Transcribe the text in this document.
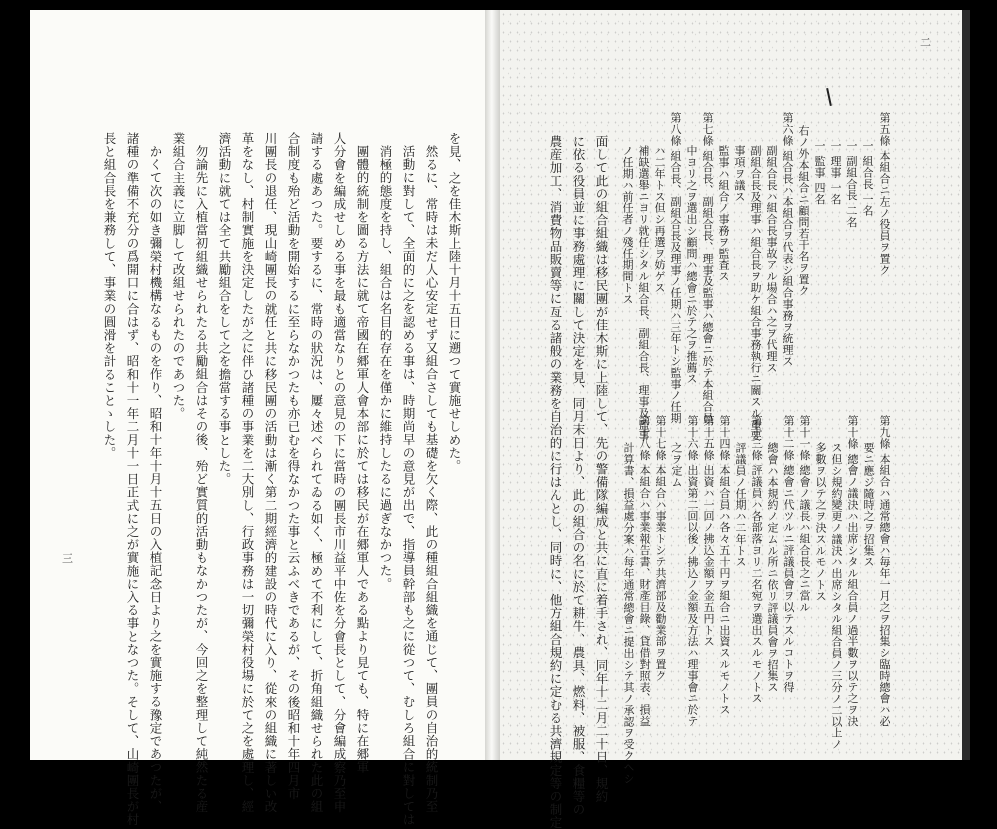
を見、之を佳木斯上陸十月十五日に遡つて實施せしめた。
然るに、常時は未だ人心安定せず又組合さしても基礎を欠く際、此の種組合組織を通じて、團員の自治的統制乃至
活動に對して、全面的に之を認める事は、時期尚早の意見が出で、指導員幹部も之に從つて、むしろ組合に對しては
消極的態度を持し、組合は名目的存在を僅かに維持したるに過ぎなかつた。
團體的統制を圖る方法に就て帝國在郷軍人會本部に於ては移民が在郷軍人である點より見ても、特に在郷軍
人分會を編成せしめる事を最も適當なりとの意見の下に當時の團長市川益平中佐を分會長として、分會編成察乃至申
請する處あつた。要するに、常時の狀況は、屢々述べられてゐる如く、極めて不利にして、折角組織せられた此の組
合制度も殆ど活動を開始するに至らなかつたも亦已むを得なかつた事と云ふべきであるが、その後昭和十年四月市
川團長の退任、現山崎團長の就任と共に移民團の活動は漸く第二期經濟的建設の時代に入り、從來の組織に著しい改
革をなし、村制實施を決定したが之に伴ひ諸種の事業を二大別し、行政事務は一切彌榮村役場に於て之を處理し、經
濟活動に就ては全て共勵組合をして之を擔當する事とした。
勿論先に入植當初組織せられたる共勵組合はその後、殆ど實質的活動もなかつたが、今回之を整理して純然たる産
業組合主義に立脚して改組せられたのであつた。
かくて次の如き彌榮村機構なるものを作り、昭和十年十月十五日の入植記念日より之を實施する豫定であつたが、
諸種の準備不充分の爲開口に合はず、昭和十一年二月十一日正式に之が實施に入る事となつた。そして、山崎團長が村
長と組合長を兼務して、事業の圓滑を計ることゝした。
三
第五條 本組合ニ左ノ役員ヲ置ク
一 組合長 一名
一 副組合長 二名
一 理事 一名
一 監事 四名
右ノ外本組合ニ顧問若干名ヲ置ク
第六條 組合長ハ本組合ヲ代表シ組合事務ヲ統理ス
副組合長ハ組合長事故アル場合ハ之ヲ代理ス
副組合長及理事ハ組合長ヲ助ケ組合事務執行ニ關スル重要
事項ヲ議ス
監事ハ組合ノ事務ヲ監査ス
第七條 組合長、副組合長、理事及監事ハ總會ニ於テ本組合員
中ヨリ之ヲ選出シ顧問ハ總會ニ於テ之ヲ推薦ス
第八條 組合長、副組合長及理事ノ任期ハ三年トシ監事ノ任期
ハ二年トス但シ再選ヲ妨ゲス
補缺選舉ニヨリ就任シタル組合長、副組合長、理事及監事
ノ任期ハ前任者ノ殘任期間トス
面して此の組合組織は移民團が佳木斯に上陸して、先の警備隊編成と共に直に着手され、同年十二月二十日、規約
に依る役員並に事務處理に關して決定を見、同月末日より、此の組合の名に於て耕牛、農具、燃料、被服、食糧等の
農産加工、消費物品販賣等に亙る諸般の業務を自治的に行はんとし、同時に、他方組合規約に定むる共濟規定等の制定	第九條 本組合ハ通常總會ハ毎年一月之ヲ招集シ臨時總會ハ必
要ニ應ジ隨時之ヲ招集ス
第十條 總會ノ議決ハ出席シタル組合員ノ過半數ヲ以テ之ヲ決
ス但シ規約變更ノ議決ハ出席シタル組合員ノ三分ノ二以上ノ
多數ヲ以テ之ヲ決スルモノトス
第十一條 總會ノ議長ハ組合長之ニ當ル
第十二條 總會ニ代ツルニ評議員會ヲ以テスルコトヲ得
總會ハ本規約ノ定ムル所ニ依リ評議員會ヲ招集ス
第十三條 評議員ハ各部落ヨリ二名宛ヲ選出スルモノトス
評議員ノ任期ハ二年トス
第十四條 本組合員ハ各々五十円ヲ組合ニ出資スルモノトス
第十五條 出資ハ一回ノ拂込金額ヲ金五円トス
第十六條 出資第二回以後ノ拂込ノ金額及方法ハ理事會ニ於テ
之ヲ定ム
第十七條 本組合ハ事業トシテ共濟部及勸業部ヲ置ク
第十八條 本組合ハ事業報告書、財產目錄、貸借對照表、損益
計算書、損益處分案ハ每年通常總會ニ提出シテ其ノ承認ヲ受クヘシ
二
